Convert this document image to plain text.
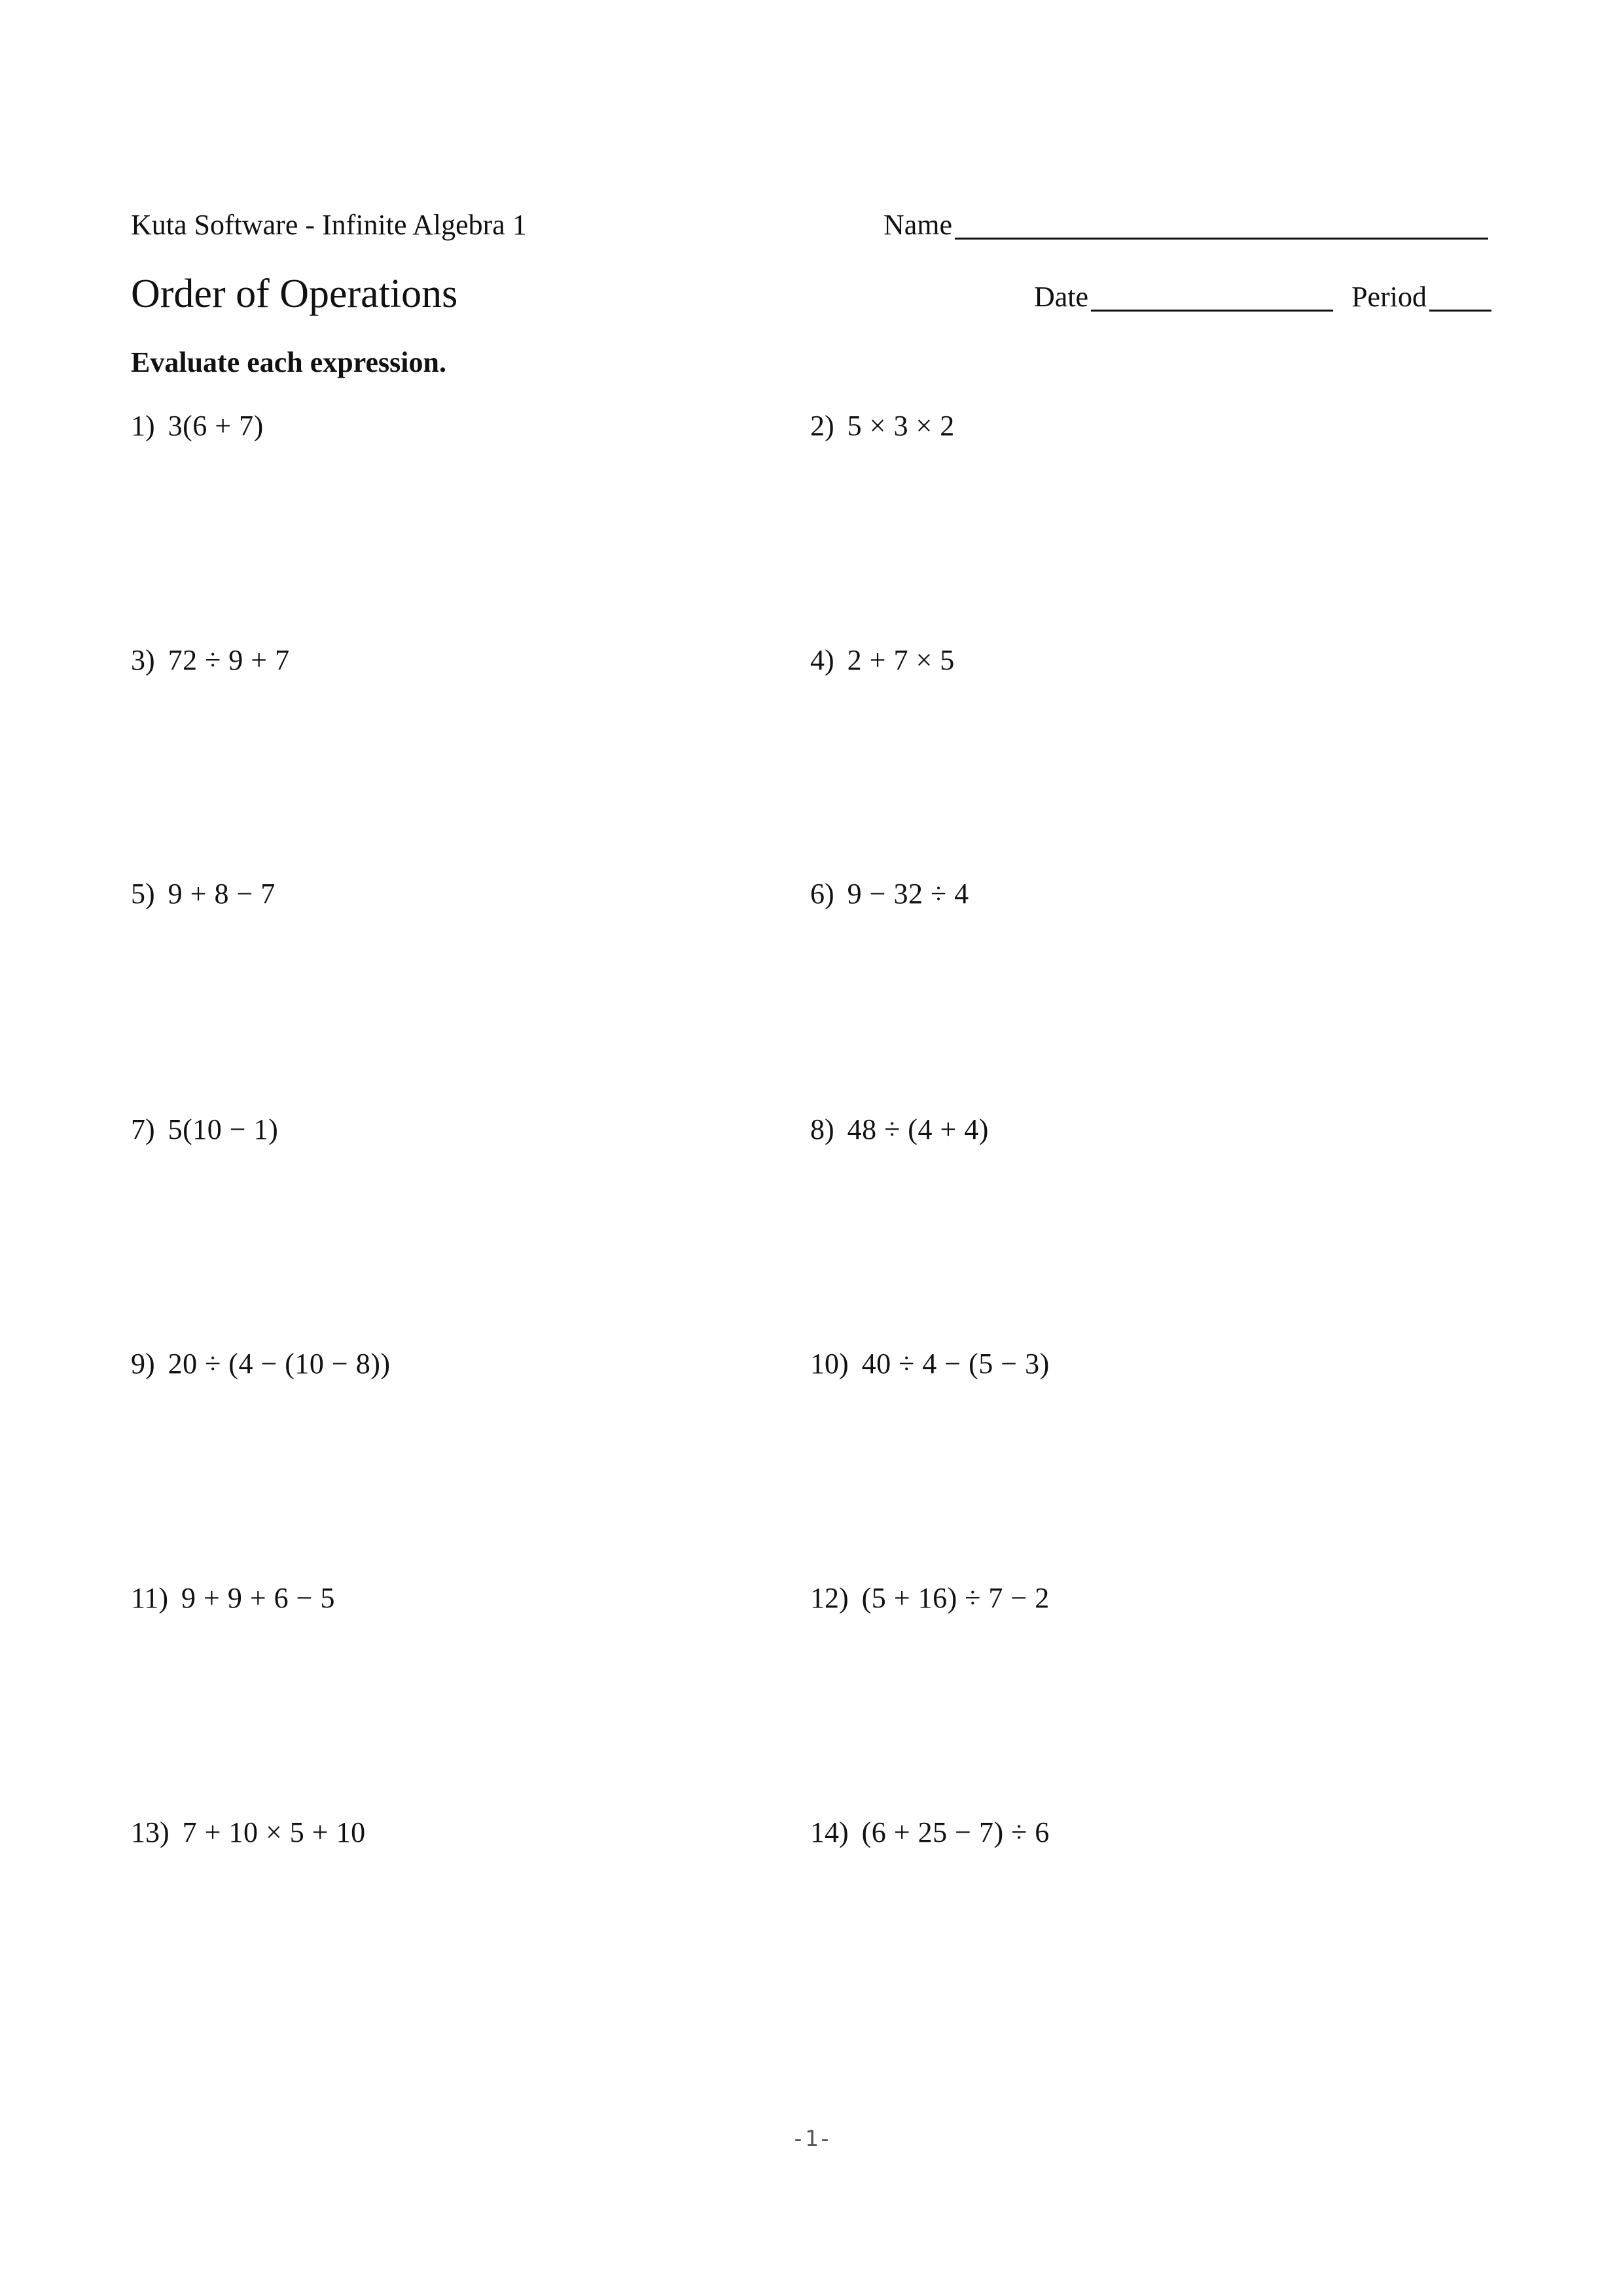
Kuta Software - Infinite Algebra 1	Name
Order of Operations	Date	Period
Evaluate each expression.
1) 3(6 + 7)	2) 5 × 3 × 2
3) 72 ÷ 9 + 7	4) 2 + 7 × 5
5) 9 + 8 − 7	6) 9 − 32 ÷ 4
7) 5(10 − 1)	8) 48 ÷ (4 + 4)
9) 20 ÷ (4 − (10 − 8))	10) 40 ÷ 4 − (5 − 3)
11) 9 + 9 + 6 − 5	12) (5 + 16) ÷ 7 − 2
13) 7 + 10 × 5 + 10	14) (6 + 25 − 7) ÷ 6
-1-
